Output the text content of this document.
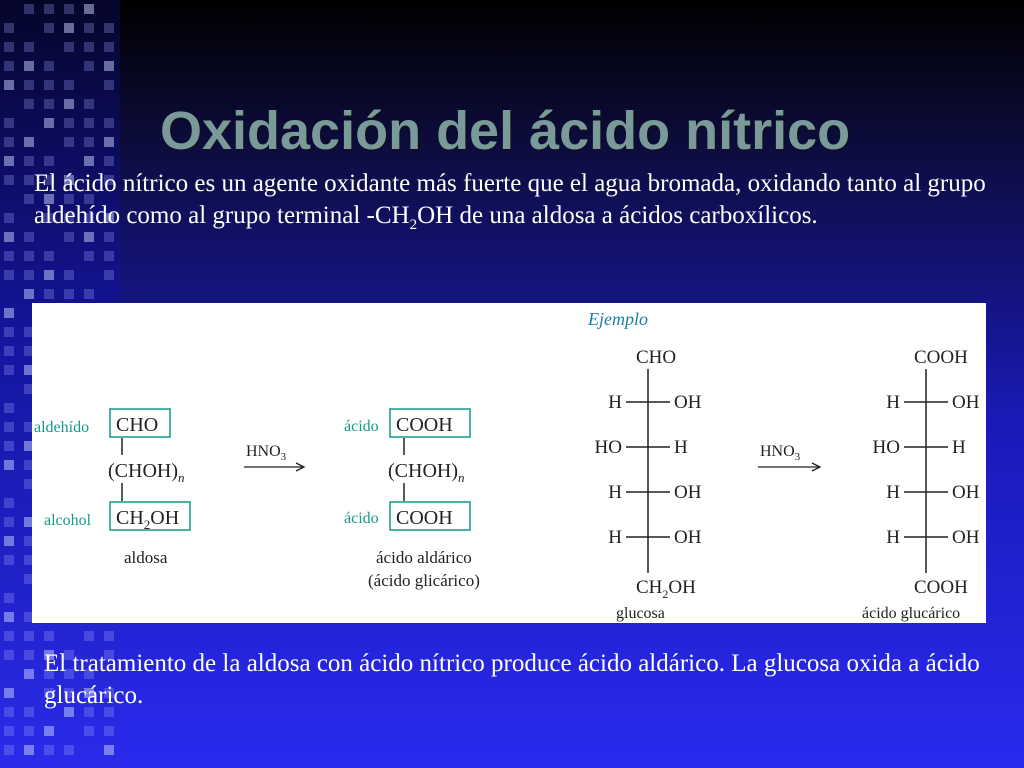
Oxidación del ácido nítrico
El ácido nítrico es un agente oxidante más fuerte que el agua bromada, oxidando tanto al grupo aldehído como al grupo terminal $-CH_2OH$ de una aldosa a ácidos carboxílicos.
aldehído CHO
$(CHOH)_n$
alcohol $CH_2OH$
aldosa
$HNO_3$
ácido COOH
$(CHOH)_n$
ácido COOH
ácido aldárico
(ácido glicárico)
Ejemplo
CHO
H	OH
HO	H
H	OH
H	OH
$CH_2OH$
glucosa
$HNO_3$
COOH
H	OH
HO	H
H	OH
H	OH
COOH
ácido glucárico
El tratamiento de la aldosa con ácido nítrico produce ácido aldárico. La glucosa oxida a ácido glucárico.
